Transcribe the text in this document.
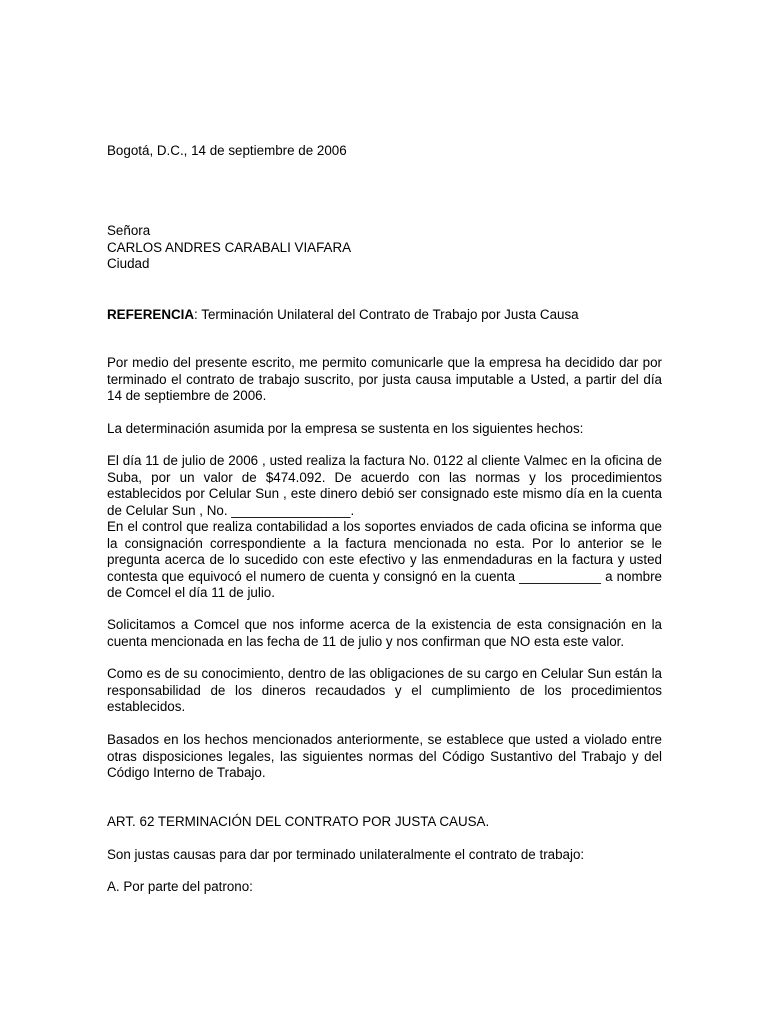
Bogotá, D.C., 14 de septiembre de 2006

Señora
CARLOS ANDRES CARABALI VIAFARA
Ciudad

REFERENCIA: Terminación Unilateral del Contrato de Trabajo por Justa Causa

Por medio del presente escrito, me permito comunicarle que la empresa ha decidido dar por terminado el contrato de trabajo suscrito, por justa causa imputable a Usted, a partir del día 14 de septiembre de 2006.

La determinación asumida por la empresa se sustenta en los siguientes hechos:

El día 11 de julio de 2006 , usted realiza la factura No. 0122 al cliente Valmec en la oficina de Suba, por un valor de $474.092. De acuerdo con las normas y los procedimientos establecidos por Celular Sun , este dinero debió ser consignado este mismo día en la cuenta de Celular Sun , No. ________________.

En el control que realiza contabilidad a los soportes enviados de cada oficina se informa que la consignación correspondiente a la factura mencionada no esta. Por lo anterior se le pregunta acerca de lo sucedido con este efectivo y las enmendaduras en la factura y usted contesta que equivocó el numero de cuenta y consignó en la cuenta ___________ a nombre de Comcel el día 11 de julio.

Solicitamos a Comcel que nos informe acerca de la existencia de esta consignación en la cuenta mencionada en las fecha de 11 de julio y nos confirman que NO esta este valor.

Como es de su conocimiento, dentro de las obligaciones de su cargo en Celular Sun están la responsabilidad de los dineros recaudados y el cumplimiento de los procedimientos establecidos.

Basados en los hechos mencionados anteriormente, se establece que usted a violado entre otras disposiciones legales, las siguientes normas del Código Sustantivo del Trabajo y del Código Interno de Trabajo.

ART. 62 TERMINACIÓN DEL CONTRATO POR JUSTA CAUSA.

Son justas causas para dar por terminado unilateralmente el contrato de trabajo:

A. Por parte del patrono:
